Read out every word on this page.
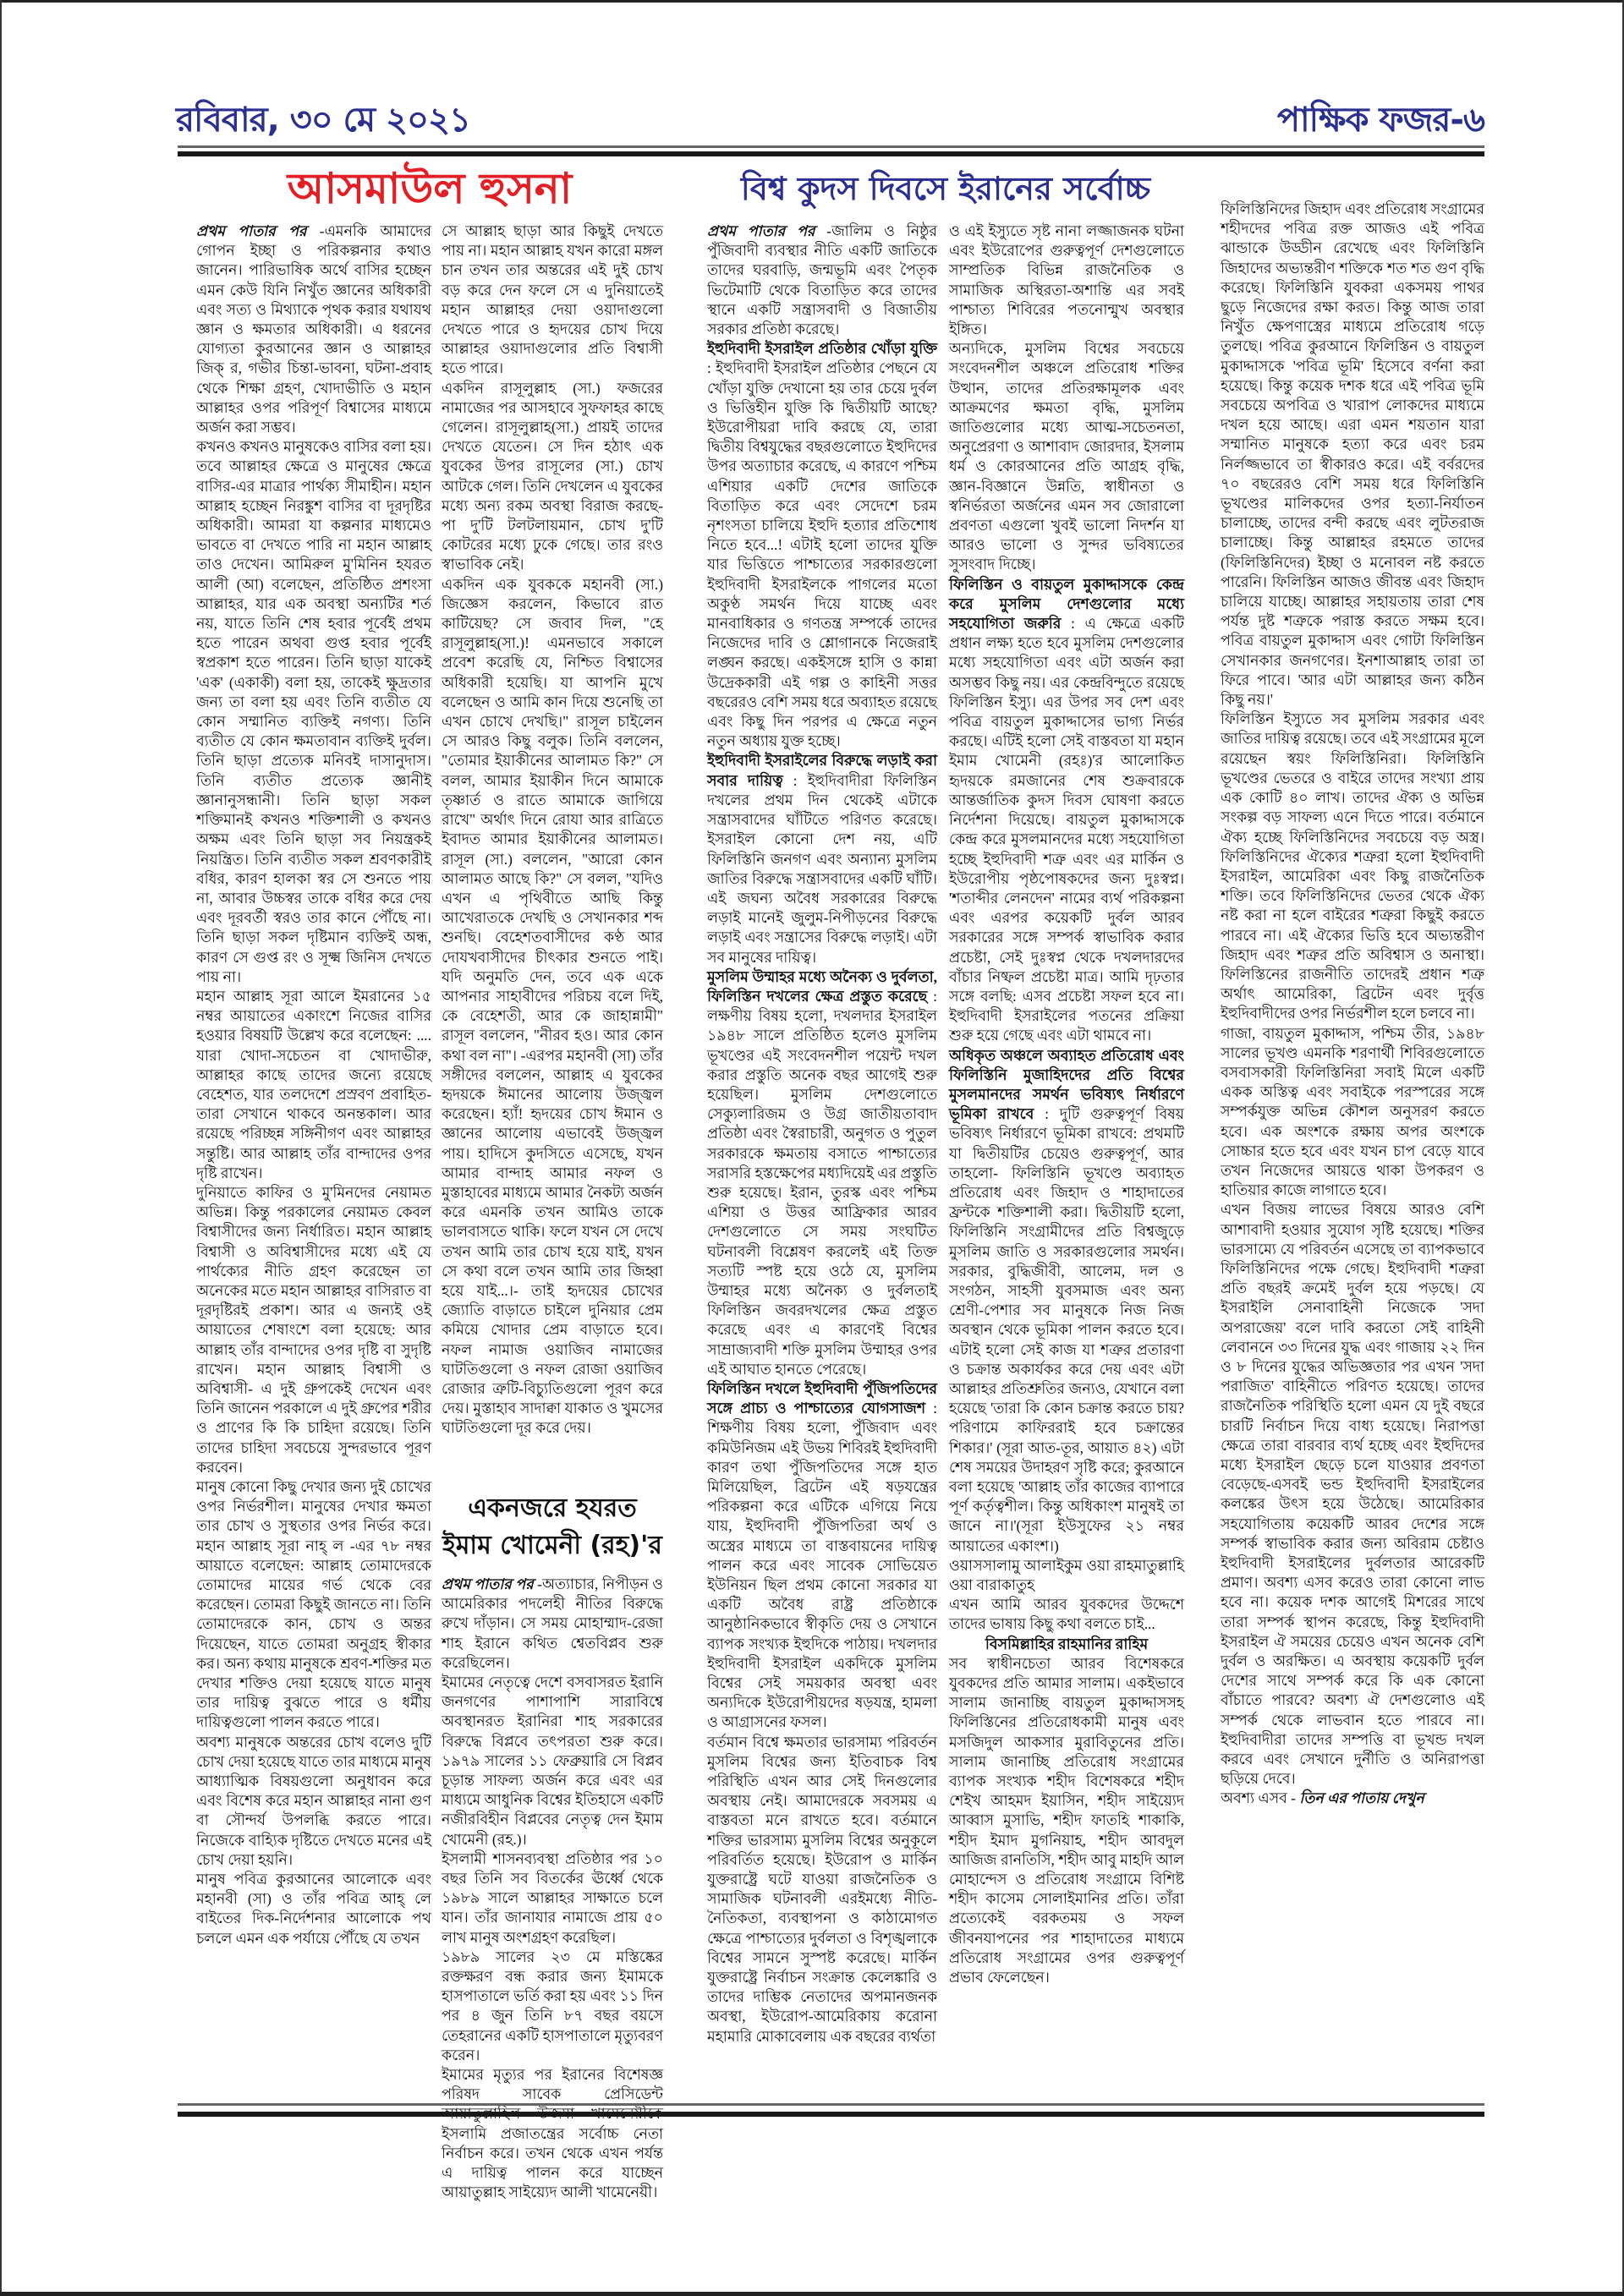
রবিবার, ৩০ মে ২০২১	পাক্ষিক ফজর-৬
আসমাউল হুসনা	বিশ্ব কুদস দিবসে ইরানের সর্বোচ্চ

প্রথম পাতার পর -এমনকি আমাদের গোপন ইচ্ছা ও পরিকল্পনার কথাও জানেন। পারিভাষিক অর্থে বাসির হচ্ছেন এমন কেউ যিনি নিখুঁত জ্ঞানের অধিকারী এবং সত্য ও মিথ্যাকে পৃথক করার যথাযথ জ্ঞান ও ক্ষমতার অধিকারী। এ ধরনের যোগ্যতা কুরআনের জ্ঞান ও আল্লাহর জিক্ র, গভীর চিন্তা-ভাবনা, ঘটনা-প্রবাহ থেকে শিক্ষা গ্রহণ, খোদাভীতি ও মহান আল্লাহর ওপর পরিপূর্ণ বিশ্বাসের মাধ্যমে অর্জন করা সম্ভব।

কখনও কখনও মানুষকেও বাসির বলা হয়। তবে আল্লাহর ক্ষেত্রে ও মানুষের ক্ষেত্রে বাসির-এর মাত্রার পার্থক্য সীমাহীন। মহান আল্লাহ হচ্ছেন নিরঙ্কুশ বাসির বা দূরদৃষ্টির অধিকারী। আমরা যা কল্পনার মাধ্যমেও ভাবতে বা দেখতে পারি না মহান আল্লাহ তাও দেখেন। আমিরুল মু'মিনিন হযরত আলী (আ) বলেছেন, প্রতিষ্ঠিত প্রশংসা আল্লাহর, যার এক অবস্থা অন্যটির শর্ত নয়, যাতে তিনি শেষ হবার পূর্বেই প্রথম হতে পারেন অথবা গুপ্ত হবার পূর্বেই স্বপ্রকাশ হতে পারেন। তিনি ছাড়া যাকেই 'এক' (একাকী) বলা হয়, তাকেই ক্ষুদ্রতার জন্য তা বলা হয় এবং তিনি ব্যতীত যে কোন সম্মানিত ব্যক্তিই নগণ্য। তিনি ব্যতীত যে কোন ক্ষমতাবান ব্যক্তিই দুর্বল। তিনি ছাড়া প্রত্যেক মনিবই দাসানুদাস। তিনি ব্যতীত প্রত্যেক জ্ঞানীই জ্ঞানানুসন্ধানী। তিনি ছাড়া সকল শক্তিমানই কখনও শক্তিশালী ও কখনও অক্ষম এবং তিনি ছাড়া সব নিয়ন্ত্রকই নিয়ন্ত্রিত। তিনি ব্যতীত সকল শ্রবণকারীই বধির, কারণ হালকা স্বর সে শুনতে পায় না, আবার উচ্চস্বর তাকে বধির করে দেয় এবং দূরবর্তী স্বরও তার কানে পৌঁছে না। তিনি ছাড়া সকল দৃষ্টিমান ব্যক্তিই অন্ধ, কারণ সে গুপ্ত রং ও সূক্ষ্ম জিনিস দেখতে পায় না।

মহান আল্লাহ সূরা আলে ইমরানের ১৫ নম্বর আয়াতের একাংশে নিজের বাসির হওয়ার বিষয়টি উল্লেখ করে বলেছেন: .... যারা খোদা-সচেতন বা খোদাভীরু, আল্লাহর কাছে তাদের জন্যে রয়েছে বেহেশত, যার তলদেশে প্রস্রবণ প্রবাহিত-তারা সেখানে থাকবে অনন্তকাল। আর রয়েছে পরিচ্ছন্ন সঙ্গিনীগণ এবং আল্লাহর সন্তুষ্টি। আর আল্লাহ তাঁর বান্দাদের ওপর দৃষ্টি রাখেন।

দুনিয়াতে কাফির ও মু'মিনদের নেয়ামত অভিন্ন। কিন্তু পরকালের নেয়ামত কেবল বিশ্বাসীদের জন্য নির্ধারিত। মহান আল্লাহ বিশ্বাসী ও অবিশ্বাসীদের মধ্যে এই যে পার্থক্যের নীতি গ্রহণ করেছেন তা অনেকের মতে মহান আল্লাহর বাসিরাত বা দূরদৃষ্টিরই প্রকাশ। আর এ জন্যই ওই আয়াতের শেষাংশে বলা হয়েছে: আর আল্লাহ তাঁর বান্দাদের ওপর দৃষ্টি বা সুদৃষ্টি রাখেন। মহান আল্লাহ বিশ্বাসী ও অবিশ্বাসী- এ দুই গ্রুপকেই দেখেন এবং তিনি জানেন পরকালে এ দুই গ্রুপের শরীর ও প্রাণের কি কি চাহিদা রয়েছে। তিনি তাদের চাহিদা সবচেয়ে সুন্দরভাবে পূরণ করবেন।

মানুষ কোনো কিছু দেখার জন্য দুই চোখের ওপর নির্ভরশীল। মানুষের দেখার ক্ষমতা তার চোখ ও সুস্থতার ওপর নির্ভর করে। মহান আল্লাহ সূরা নাহ্ ল -এর ৭৮ নম্বর আয়াতে বলেছেন: আল্লাহ তোমাদেরকে তোমাদের মায়ের গর্ভ থেকে বের করেছেন। তোমরা কিছুই জানতে না। তিনি তোমাদেরকে কান, চোখ ও অন্তর দিয়েছেন, যাতে তোমরা অনুগ্রহ স্বীকার কর। অন্য কথায় মানুষকে শ্রবণ-শক্তির মত দেখার শক্তিও দেয়া হয়েছে যাতে মানুষ তার দায়িত্ব বুঝতে পারে ও ধর্মীয় দায়িত্বগুলো পালন করতে পারে।

অবশ্য মানুষকে অন্তরের চোখ বলেও দুটি চোখ দেয়া হয়েছে যাতে তার মাধ্যমে মানুষ আধ্যাত্মিক বিষয়গুলো অনুধাবন করে এবং বিশেষ করে মহান আল্লাহর নানা গুণ বা সৌন্দর্য উপলব্ধি করতে পারে। নিজেকে বাহ্যিক দৃষ্টিতে দেখতে মনের এই চোখ দেয়া হয়নি।

মানুষ পবিত্র কুরআনের আলোকে এবং মহানবী (সা) ও তাঁর পবিত্র আহ্ লে বাইতের দিক-নির্দেশনার আলোকে পথ চললে এমন এক পর্যায়ে পৌঁছে যে তখন

সে আল্লাহ ছাড়া আর কিছুই দেখতে পায় না। মহান আল্লাহ যখন কারো মঙ্গল চান তখন তার অন্তরের এই দুই চোখ বড় করে দেন ফলে সে এ দুনিয়াতেই মহান আল্লাহর দেয়া ওয়াদাগুলো দেখতে পারে ও হৃদয়ের চোখ দিয়ে আল্লাহর ওয়াদাগুলোর প্রতি বিশ্বাসী হতে পারে।

একদিন রাসূলুল্লাহ (সা.) ফজরের নামাজের পর আসহাবে সুফফাহর কাছে গেলেন। রাসূলুল্লাহ(সা.) প্রায়ই তাদের দেখতে যেতেন। সে দিন হঠাৎ এক যুবকের উপর রাসূলের (সা.) চোখ আটকে গেল। তিনি দেখলেন এ যুবকের মধ্যে অন্য রকম অবস্থা বিরাজ করছে- পা দু'টি টলটলায়মান, চোখ দু'টি কোটরের মধ্যে ঢুকে গেছে। তার রংও স্বাভাবিক নেই।

একদিন এক যুবককে মহানবী (সা.) জিজ্ঞেস করলেন, কিভাবে রাত কাটিয়েছ? সে জবাব দিল, "হে রাসূলুল্লাহ(সা.)! এমনভাবে সকালে প্রবেশ করেছি যে, নিশ্চিত বিশ্বাসের অধিকারী হয়েছি। যা আপনি মুখে বলেছেন ও আমি কান দিয়ে শুনেছি তা এখন চোখে দেখছি।" রাসূল চাইলেন সে আরও কিছু বলুক। তিনি বললেন, "তোমার ইয়াকীনের আলামত কি?" সে বলল, আমার ইয়াকীন দিনে আমাকে তৃষ্ণার্ত ও রাতে আমাকে জাগিয়ে রাখে" অর্থাৎ দিনে রোযা আর রাত্রিতে ইবাদত আমার ইয়াকীনের আলামত। রাসূল (সা.) বললেন, "আরো কোন আলামত আছে কি?" সে বলল, "যদিও এখন এ পৃথিবীতে আছি কিন্তু আখেরাতকে দেখছি ও সেখানকার শব্দ শুনছি। বেহেশতবাসীদের কণ্ঠ আর দোযখবাসীদের চীৎকার শুনতে পাই। যদি অনুমতি দেন, তবে এক একে আপনার সাহাবীদের পরিচয় বলে দিই, কে বেহেশতী, আর কে জাহান্নামী" রাসূল বললেন, "নীরব হও। আর কোন কথা বল না"। -এরপর মহানবী (সা) তাঁর সঙ্গীদের বললেন, আল্লাহ এ যুবকের হৃদয়কে ঈমানের আলোয় উজ্জ্বল করেছেন। হ্যাঁ! হৃদয়ের চোখ ঈমান ও জ্ঞানের আলোয় এভাবেই উজ্জ্বল পায়। হাদিসে কুদসিতে এসেছে, যখন আমার বান্দাহ আমার নফল ও মুস্তাহাবের মাধ্যমে আমার নৈকট্য অর্জন করে এমনকি তখন আমিও তাকে ভালবাসতে থাকি। ফলে যখন সে দেখে তখন আমি তার চোখ হয়ে যাই, যখন সে কথা বলে তখন আমি তার জিহ্বা হয়ে যাই...।- তাই হৃদয়ের চোখের জ্যোতি বাড়াতে চাইলে দুনিয়ার প্রেম কমিয়ে খোদার প্রেম বাড়াতে হবে। নফল নামাজ ওয়াজিব নামাজের ঘাটতিগুলো ও নফল রোজা ওয়াজিব রোজার ত্রুটি-বিচ্যুতিগুলো পূরণ করে দেয়। মুস্তাহাব সাদাক্বা যাকাত ও খুমসের ঘাটতিগুলো দূর করে দেয়।

একনজরে হযরত ইমাম খোমেনী (রহ)'র

প্রথম পাতার পর -অত্যাচার, নিপীড়ন ও আমেরিকার পদলেহী নীতির বিরুদ্ধে রুখে দাঁড়ান। সে সময় মোহাম্মাদ-রেজা শাহ ইরানে কথিত শ্বেতবিপ্লব শুরু করেছিলেন।

ইমামের নেতৃত্বে দেশে বসবাসরত ইরানি জনগণের পাশাপাশি সারাবিশ্বে অবস্থানরত ইরানিরা শাহ সরকারের বিরুদ্ধে বিপ্লবে তৎপরতা শুরু করে। ১৯৭৯ সালের ১১ ফেব্রুয়ারি সে বিপ্লব চূড়ান্ত সাফল্য অর্জন করে এবং এর মাধ্যমে আধুনিক বিশ্বের ইতিহাসে একটি নজীরবিহীন বিপ্লবের নেতৃত্ব দেন ইমাম খোমেনী (রহ.)।

ইসলামী শাসনব্যবস্থা প্রতিষ্ঠার পর ১০ বছর তিনি সব বিতর্কের ঊর্ধ্বে থেকে ১৯৮৯ সালে আল্লাহর সাক্ষাতে চলে যান। তাঁর জানাযার নামাজে প্রায় ৫০ লাখ মানুষ অংশগ্রহণ করেছিল।

১৯৮৯ সালের ২৩ মে মস্তিষ্কের রক্তক্ষরণ বন্ধ করার জন্য ইমামকে হাসপাতালে ভর্তি করা হয় এবং ১১ দিন পর ৪ জুন তিনি ৮৭ বছর বয়সে তেহরানের একটি হাসপাতালে মৃত্যুবরণ করেন।

ইমামের মৃত্যুর পর ইরানের বিশেষজ্ঞ পরিষদ সাবেক প্রেসিডেন্ট ইসলামি প্রজাতন্ত্রের সর্বোচ্চ নেতা নির্বাচন করে। তখন থেকে এখন পর্যন্ত এ দায়িত্ব পালন করে যাচ্ছেন আয়াতুল্লাহ সাইয়্যেদ আলী খামেনেয়ী।

প্রথম পাতার পর -জালিম ও নিষ্ঠুর পুঁজিবাদী ব্যবস্থার নীতি একটি জাতিকে তাদের ঘরবাড়ি, জন্মভূমি এবং পৈতৃক ভিটেমাটি থেকে বিতাড়িত করে তাদের স্থানে একটি সন্ত্রাসবাদী ও বিজাতীয় সরকার প্রতিষ্ঠা করেছে।

ইহুদিবাদী ইসরাইল প্রতিষ্ঠার খোঁড়া যুক্তি : ইহুদিবাদী ইসরাইল প্রতিষ্ঠার পেছনে যে খোঁড়া যুক্তি দেখানো হয় তার চেয়ে দুর্বল ও ভিত্তিহীন যুক্তি কি দ্বিতীয়টি আছে? ইউরোপীয়রা দাবি করছে যে, তারা দ্বিতীয় বিশ্বযুদ্ধের বছরগুলোতে ইহুদিদের উপর অত্যাচার করেছে, এ কারণে পশ্চিম এশিয়ার একটি দেশের জাতিকে বিতাড়িত করে এবং সেদেশে চরম নৃশংসতা চালিয়ে ইহুদি হত্যার প্রতিশোধ নিতে হবে...! এটাই হলো তাদের যুক্তি যার ভিত্তিতে পাশ্চাত্যের সরকারগুলো ইহুদিবাদী ইসরাইলকে পাগলের মতো অকুণ্ঠ সমর্থন দিয়ে যাচ্ছে এবং মানবাধিকার ও গণতন্ত্র সম্পর্কে তাদের নিজেদের দাবি ও শ্লোগানকে নিজেরাই লঙ্ঘন করছে। একইসঙ্গে হাসি ও কান্না উদ্রেককারী এই গল্প ও কাহিনী সত্তর বছরেরও বেশি সময় ধরে অব্যাহত রয়েছে এবং কিছু দিন পরপর এ ক্ষেত্রে নতুন নতুন অধ্যায় যুক্ত হচ্ছে।

ইহুদিবাদী ইসরাইলের বিরুদ্ধে লড়াই করা সবার দায়িত্ব : ইহুদিবাদীরা ফিলিস্তিন দখলের প্রথম দিন থেকেই এটাকে সন্ত্রাসবাদের ঘাঁটিতে পরিণত করেছে। ইসরাইল কোনো দেশ নয়, এটি ফিলিস্তিনি জনগণ এবং অন্যান্য মুসলিম জাতির বিরুদ্ধে সন্ত্রাসবাদের একটি ঘাঁটি। এই জঘন্য অবৈধ সরকারের বিরুদ্ধে লড়াই মানেই জুলুম-নিপীড়নের বিরুদ্ধে লড়াই এবং সন্ত্রাসের বিরুদ্ধে লড়াই। এটা সব মানুষের দায়িত্ব।

মুসলিম উম্মাহর মধ্যে অনৈক্য ও দুর্বলতা, ফিলিস্তিন দখলের ক্ষেত্র প্রস্তুত করেছে : লক্ষণীয় বিষয় হলো, দখলদার ইসরাইল ১৯৪৮ সালে প্রতিষ্ঠিত হলেও মুসলিম ভূখণ্ডের এই সংবেদনশীল পয়েন্ট দখল করার প্রস্তুতি অনেক বছর আগেই শুরু হয়েছিল। মুসলিম দেশগুলোতে সেক্যুলারিজম ও উগ্র জাতীয়তাবাদ প্রতিষ্ঠা এবং স্বৈরাচারী, অনুগত ও পুতুল সরকারকে ক্ষমতায় বসাতে পাশ্চাত্যের সরাসরি হস্তক্ষেপের মধ্যদিয়েই এর প্রস্তুতি শুরু হয়েছে। ইরান, তুরস্ক এবং পশ্চিম এশিয়া ও উত্তর আফ্রিকার আরব দেশগুলোতে সে সময় সংঘটিত ঘটনাবলী বিশ্লেষণ করলেই এই তিক্ত সত্যটি স্পষ্ট হয়ে ওঠে যে, মুসলিম উম্মাহর মধ্যে অনৈক্য ও দুর্বলতাই ফিলিস্তিন জবরদখলের ক্ষেত্র প্রস্তুত করেছে এবং এ কারণেই বিশ্বের সাম্রাজ্যবাদী শক্তি মুসলিম উম্মাহর ওপর এই আঘাত হানতে পেরেছে।

ফিলিস্তিন দখলে ইহুদিবাদী পুঁজিপতিদের সঙ্গে প্রাচ্য ও পাশ্চাত্যের যোগসাজশ : শিক্ষণীয় বিষয় হলো, পুঁজিবাদ এবং কমিউনিজম এই উভয় শিবিরই ইহুদিবাদী কারণ তথা পুঁজিপতিদের সঙ্গে হাত মিলিয়েছিল, ব্রিটেন এই ষড়যন্ত্রের পরিকল্পনা করে এটিকে এগিয়ে নিয়ে যায়, ইহুদিবাদী পুঁজিপতিরা অর্থ ও অস্ত্রের মাধ্যমে তা বাস্তবায়নের দায়িত্ব পালন করে এবং সাবেক সোভিয়েত ইউনিয়ন ছিল প্রথম কোনো সরকার যা একটি অবৈধ রাষ্ট্র প্রতিষ্ঠাকে আনুষ্ঠানিকভাবে স্বীকৃতি দেয় ও সেখানে ব্যাপক সংখ্যক ইহুদিকে পাঠায়। দখলদার ইহুদিবাদী ইসরাইল একদিকে মুসলিম বিশ্বের সেই সময়কার অবস্থা এবং অন্যদিকে ইউরোপীয়দের ষড়যন্ত্র, হামলা ও আগ্রাসনের ফসল।

বর্তমান বিশ্বে ক্ষমতার ভারসাম্য পরিবর্তন মুসলিম বিশ্বের জন্য ইতিবাচক বিশ্ব পরিস্থিতি এখন আর সেই দিনগুলোর অবস্থায় নেই। আমাদেরকে সবসময় এ বাস্তবতা মনে রাখতে হবে। বর্তমানে শক্তির ভারসাম্য মুসলিম বিশ্বের অনুকূলে পরিবর্তিত হয়েছে। ইউরোপ ও মার্কিন যুক্তরাষ্ট্রে ঘটে যাওয়া রাজনৈতিক ও সামাজিক ঘটনাবলী এরইমধ্যে নীতি-নৈতিকতা, ব্যবস্থাপনা ও কাঠামোগত ক্ষেত্রে পাশ্চাত্যের দুর্বলতা ও বিশৃঙ্খলাকে বিশ্বের সামনে সুস্পষ্ট করেছে। মার্কিন যুক্তরাষ্ট্রে নির্বাচন সংক্রান্ত কেলেঙ্কারি ও তাদের দাম্ভিক নেতাদের অপমানজনক অবস্থা, ইউরোপ-আমেরিকায় করোনা মহামারি মোকাবেলায় এক বছরের ব্যর্থতা

ও এই ইস্যুতে সৃষ্ট নানা লজ্জাজনক ঘটনা এবং ইউরোপের গুরুত্বপূর্ণ দেশগুলোতে সাম্প্রতিক বিভিন্ন রাজনৈতিক ও সামাজিক অস্থিরতা-অশান্তি এর সবই পাশ্চাত্য শিবিরের পতনোন্মুখ অবস্থার ইঙ্গিত।

অন্যদিকে, মুসলিম বিশ্বের সবচেয়ে সংবেদনশীল অঞ্চলে প্রতিরোধ শক্তির উত্থান, তাদের প্রতিরক্ষামূলক এবং আক্রমণের ক্ষমতা বৃদ্ধি, মুসলিম জাতিগুলোর মধ্যে আত্ম-সচেতনতা, অনুপ্রেরণা ও আশাবাদ জোরদার, ইসলাম ধর্ম ও কোরআনের প্রতি আগ্রহ বৃদ্ধি, জ্ঞান-বিজ্ঞানে উন্নতি, স্বাধীনতা ও স্বনির্ভরতা অর্জনের এমন সব জোরালো প্রবণতা এগুলো খুবই ভালো নিদর্শন যা আরও ভালো ও সুন্দর ভবিষ্যতের সুসংবাদ দিচ্ছে।

ফিলিস্তিন ও বায়তুল মুকাদ্দাসকে কেন্দ্র করে মুসলিম দেশগুলোর মধ্যে সহযোগিতা জরুরি : এ ক্ষেত্রে একটি প্রধান লক্ষ্য হতে হবে মুসলিম দেশগুলোর মধ্যে সহযোগিতা এবং এটা অর্জন করা অসম্ভব কিছু নয়। এর কেন্দ্রবিন্দুতে রয়েছে ফিলিস্তিন ইস্যু। এর উপর সব দেশ এবং পবিত্র বায়তুল মুকাদ্দাসের ভাগ্য নির্ভর করছে। এটিই হলো সেই বাস্তবতা যা মহান ইমাম খোমেনী (রহঃ)'র আলোকিত হৃদয়কে রমজানের শেষ শুক্রবারকে আন্তর্জাতিক কুদস দিবস ঘোষণা করতে নির্দেশনা দিয়েছে। বায়তুল মুকাদ্দাসকে কেন্দ্র করে মুসলমানদের মধ্যে সহযোগিতা হচ্ছে ইহুদিবাদী শত্রু এবং এর মার্কিন ও ইউরোপীয় পৃষ্ঠপোষকদের জন্য দুঃস্বপ্ন। 'শতাব্দীর লেনদেন' নামের ব্যর্থ পরিকল্পনা এবং এরপর কয়েকটি দুর্বল আরব সরকারের সঙ্গে সম্পর্ক স্বাভাবিক করার প্রচেষ্টা, সেই দুঃস্বপ্ন থেকে দখলদারদের বাঁচার নিষ্ফল প্রচেষ্টা মাত্র। আমি দৃঢ়তার সঙ্গে বলছি: এসব প্রচেষ্টা সফল হবে না। ইহুদিবাদী ইসরাইলের পতনের প্রক্রিয়া শুরু হয়ে গেছে এবং এটা থামবে না।

অধিকৃত অঞ্চলে অব্যাহত প্রতিরোধ এবং ফিলিস্তিনি মুজাহিদদের প্রতি বিশ্বের মুসলমানদের সমর্থন ভবিষ্যৎ নির্ধারণে ভূমিকা রাখবে : দুটি গুরুত্বপূর্ণ বিষয় ভবিষ্যৎ নির্ধারণে ভূমিকা রাখবে: প্রথমটি যা দ্বিতীয়টির চেয়েও গুরুত্বপূর্ণ, আর তাহলো- ফিলিস্তিনি ভূখণ্ডে অব্যাহত প্রতিরোধ এবং জিহাদ ও শাহাদাতের ফ্রন্টকে শক্তিশালী করা। দ্বিতীয়টি হলো, ফিলিস্তিনি সংগ্রামীদের প্রতি বিশ্বজুড়ে মুসলিম জাতি ও সরকারগুলোর সমর্থন। সরকার, বুদ্ধিজীবী, আলেম, দল ও সংগঠন, সাহসী যুবসমাজ এবং অন্য শ্রেণী-পেশার সব মানুষকে নিজ নিজ অবস্থান থেকে ভূমিকা পালন করতে হবে। এটাই হলো সেই কাজ যা শত্রুর প্রতারণা ও চক্রান্ত অকার্যকর করে দেয় এবং এটা আল্লাহর প্রতিশ্রুতির জন্যও, যেখানে বলা হয়েছে 'তারা কি কোন চক্রান্ত করতে চায়? পরিণামে কাফিররাই হবে চক্রান্তের শিকার।' (সূরা আত-তূর, আয়াত ৪২) এটা শেষ সময়ের উদাহরণ সৃষ্টি করে; কুরআনে বলা হয়েছে 'আল্লাহ তাঁর কাজের ব্যাপারে পূর্ণ কর্তৃত্বশীল। কিন্তু অধিকাংশ মানুষই তা জানে না।'(সূরা ইউসুফের ২১ নম্বর আয়াতের একাংশ।)

ওয়াসসালামু আলাইকুম ওয়া রাহমাতুল্লাহি ওয়া বারাকাতুহ

এখন আমি আরব যুবকদের উদ্দেশে তাদের ভাষায় কিছু কথা বলতে চাই...

বিসমিল্লাহির রাহমানির রাহিম

সব স্বাধীনচেতা আরব বিশেষকরে যুবকদের প্রতি আমার সালাম। একইভাবে সালাম জানাচ্ছি বায়তুল মুকাদ্দাসসহ ফিলিস্তিনের প্রতিরোধকামী মানুষ এবং মসজিদুল আকসার মুরাবিতুনের প্রতি। সালাম জানাচ্ছি প্রতিরোধ সংগ্রামের ব্যাপক সংখ্যক শহীদ বিশেষকরে শহীদ শেইখ আহমদ ইয়াসিন, শহীদ সাইয়্যেদ আব্বাস মুসাভি, শহীদ ফাতহি শাকাকি, শহীদ ইমাদ মুগনিয়াহ, শহীদ আবদুল আজিজ রানতিসি, শহীদ আবু মাহদি আল মোহান্দেস ও প্রতিরোধ সংগ্রামে বিশিষ্ট শহীদ কাসেম সোলাইমানির প্রতি। তাঁরা প্রত্যেকেই বরকতময় ও সফল জীবনযাপনের পর শাহাদাতের মাধ্যমে প্রতিরোধ সংগ্রামের ওপর গুরুত্বপূর্ণ প্রভাব ফেলেছেন।

ফিলিস্তিনিদের জিহাদ এবং প্রতিরোধ সংগ্রামের শহীদদের পবিত্র রক্ত আজও এই পবিত্র ঝান্ডাকে উড্ডীন রেখেছে এবং ফিলিস্তিনি জিহাদের অভ্যন্তরীণ শক্তিকে শত শত গুণ বৃদ্ধি করেছে। ফিলিস্তিনি যুবকরা একসময় পাথর ছুড়ে নিজেদের রক্ষা করত। কিন্তু আজ তারা নিখুঁত ক্ষেপণাস্ত্রের মাধ্যমে প্রতিরোধ গড়ে তুলছে। পবিত্র কুরআনে ফিলিস্তিন ও বায়তুল মুকাদ্দাসকে 'পবিত্র ভূমি' হিসেবে বর্ণনা করা হয়েছে। কিন্তু কয়েক দশক ধরে এই পবিত্র ভূমি সবচেয়ে অপবিত্র ও খারাপ লোকদের মাধ্যমে দখল হয়ে আছে। এরা এমন শয়তান যারা সম্মানিত মানুষকে হত্যা করে এবং চরম নির্লজ্জভাবে তা স্বীকারও করে। এই বর্বরদের ৭০ বছরেরও বেশি সময় ধরে ফিলিস্তিনি ভূখণ্ডের মালিকদের ওপর হত্যা-নির্যাতন চালাচ্ছে, তাদের বন্দী করছে এবং লুটতরাজ চালাচ্ছে। কিন্তু আল্লাহর রহমতে তাদের (ফিলিস্তিনিদের) ইচ্ছা ও মনোবল নষ্ট করতে পারেনি। ফিলিস্তিন আজও জীবন্ত এবং জিহাদ চালিয়ে যাচ্ছে। আল্লাহর সহায়তায় তারা শেষ পর্যন্ত দুষ্ট শত্রুকে পরাস্ত করতে সক্ষম হবে। পবিত্র বায়তুল মুকাদ্দাস এবং গোটা ফিলিস্তিন সেখানকার জনগণের। ইনশাআল্লাহ তারা তা ফিরে পাবে। 'আর এটা আল্লাহর জন্য কঠিন কিছু নয়।'

ফিলিস্তিন ইস্যুতে সব মুসলিম সরকার এবং জাতির দায়িত্ব রয়েছে। তবে এই সংগ্রামের মূলে রয়েছেন স্বয়ং ফিলিস্তিনিরা। ফিলিস্তিনি ভূখণ্ডের ভেতরে ও বাইরে তাদের সংখ্যা প্রায় এক কোটি ৪০ লাখ। তাদের ঐক্য ও অভিন্ন সংকল্প বড় সাফল্য এনে দিতে পারে। বর্তমানে ঐক্য হচ্ছে ফিলিস্তিনিদের সবচেয়ে বড় অস্ত্র। ফিলিস্তিনিদের ঐক্যের শত্রুরা হলো ইহুদিবাদী ইসরাইল, আমেরিকা এবং কিছু রাজনৈতিক শক্তি। তবে ফিলিস্তিনিদের ভেতর থেকে ঐক্য নষ্ট করা না হলে বাইরের শত্রুরা কিছুই করতে পারবে না। এই ঐক্যের ভিত্তি হবে অভ্যন্তরীণ জিহাদ এবং শত্রুর প্রতি অবিশ্বাস ও অনাস্থা। ফিলিস্তিনের রাজনীতি তাদেরই প্রধান শত্রু অর্থাৎ আমেরিকা, ব্রিটেন এবং দুর্বৃত্ত ইহুদিবাদীদের ওপর নির্ভরশীল হলে চলবে না।

গাজা, বায়তুল মুকাদ্দাস, পশ্চিম তীর, ১৯৪৮ সালের ভূখণ্ড এমনকি শরণার্থী শিবিরগুলোতে বসবাসকারী ফিলিস্তিনিরা সবাই মিলে একটি একক অস্তিত্ব এবং সবাইকে পরস্পরের সঙ্গে সম্পর্কযুক্ত অভিন্ন কৌশল অনুসরণ করতে হবে। এক অংশকে রক্ষায় অপর অংশকে সোচ্চার হতে হবে এবং যখন চাপ বেড়ে যাবে তখন নিজেদের আয়ত্তে থাকা উপকরণ ও হাতিয়ার কাজে লাগাতে হবে।

এখন বিজয় লাভের বিষয়ে আরও বেশি আশাবাদী হওয়ার সুযোগ সৃষ্টি হয়েছে। শক্তির ভারসাম্যে যে পরিবর্তন এসেছে তা ব্যাপকভাবে ফিলিস্তিনিদের পক্ষে গেছে। ইহুদিবাদী শত্রুরা প্রতি বছরই ক্রমেই দুর্বল হয়ে পড়ছে। যে ইসরাইলি সেনাবাহিনী নিজেকে 'সদা অপরাজেয়' বলে দাবি করতো সেই বাহিনী লেবাননে ৩৩ দিনের যুদ্ধ এবং গাজায় ২২ দিন ও ৮ দিনের যুদ্ধের অভিজ্ঞতার পর এখন 'সদা পরাজিত' বাহিনীতে পরিণত হয়েছে। তাদের রাজনৈতিক পরিস্থিতি হলো এমন যে দুই বছরে চারটি নির্বাচন দিয়ে বাধ্য হয়েছে। নিরাপত্তা ক্ষেত্রে তারা বারবার ব্যর্থ হচ্ছে এবং ইহুদিদের মধ্যে ইসরাইল ছেড়ে চলে যাওয়ার প্রবণতা বেড়েছে-এসবই ভন্ড ইহুদিবাদী ইসরাইলের কলঙ্কের উৎস হয়ে উঠেছে। আমেরিকার সহযোগিতায় কয়েকটি আরব দেশের সঙ্গে সম্পর্ক স্বাভাবিক করার জন্য অবিরাম চেষ্টাও ইহুদিবাদী ইসরাইলের দুর্বলতার আরেকটি প্রমাণ। অবশ্য এসব করেও তারা কোনো লাভ হবে না। কয়েক দশক আগেই মিশরের সাথে তারা সম্পর্ক স্থাপন করেছে, কিন্তু ইহুদিবাদী ইসরাইল ঐ সময়ের চেয়েও এখন অনেক বেশি দুর্বল ও অরক্ষিত। এ অবস্থায় কয়েকটি দুর্বল দেশের সাথে সম্পর্ক করে কি এক কোনো বাঁচাতে পারবে? অবশ্য ঐ দেশগুলোও এই সম্পর্ক থেকে লাভবান হতে পারবে না। ইহুদিবাদীরা তাদের সম্পত্তি বা ভূখন্ড দখল করবে এবং সেখানে দুর্নীতি ও অনিরাপত্তা ছড়িয়ে দেবে।

অবশ্য এসব - তিন এর পাতায় দেখুন
